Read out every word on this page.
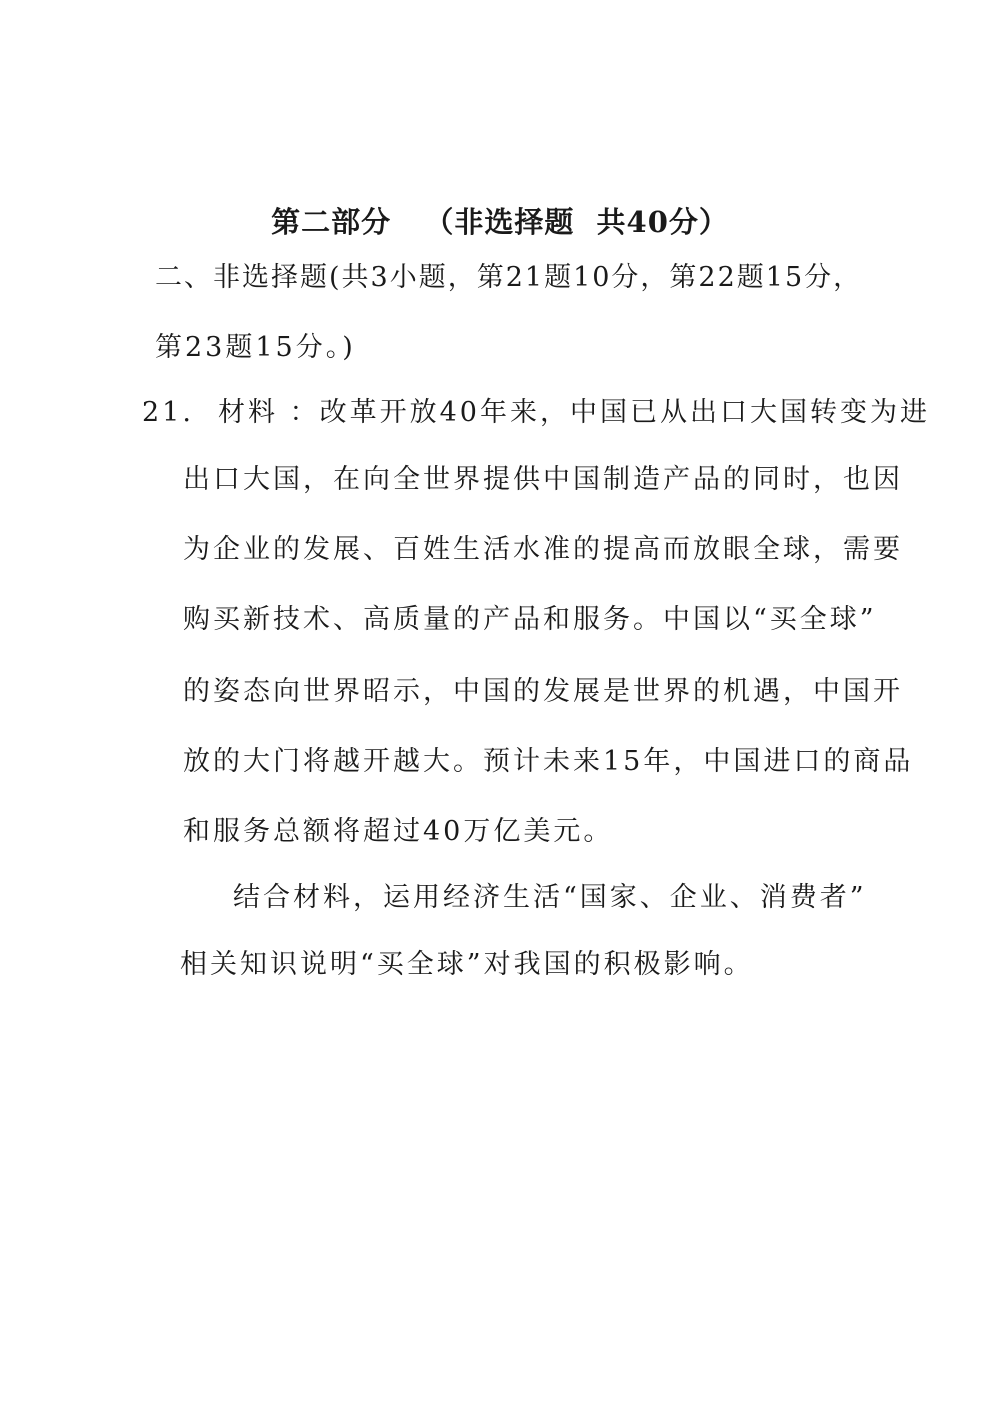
第二部分   （非选择题  共40分）
二、非选择题(共3小题，第21题10分，第22题15分，
第23题15分。)
21. 材料 ：改革开放40年来，中国已从出口大国转变为进
出口大国，在向全世界提供中国制造产品的同时，也因
为企业的发展、百姓生活水准的提高而放眼全球，需要
购买新技术、高质量的产品和服务。中国以“买全球”
的姿态向世界昭示，中国的发展是世界的机遇，中国开
放的大门将越开越大。预计未来15年，中国进口的商品
和服务总额将超过40万亿美元。
结合材料，运用经济生活“国家、企业、消费者”
相关知识说明“买全球”对我国的积极影响。
